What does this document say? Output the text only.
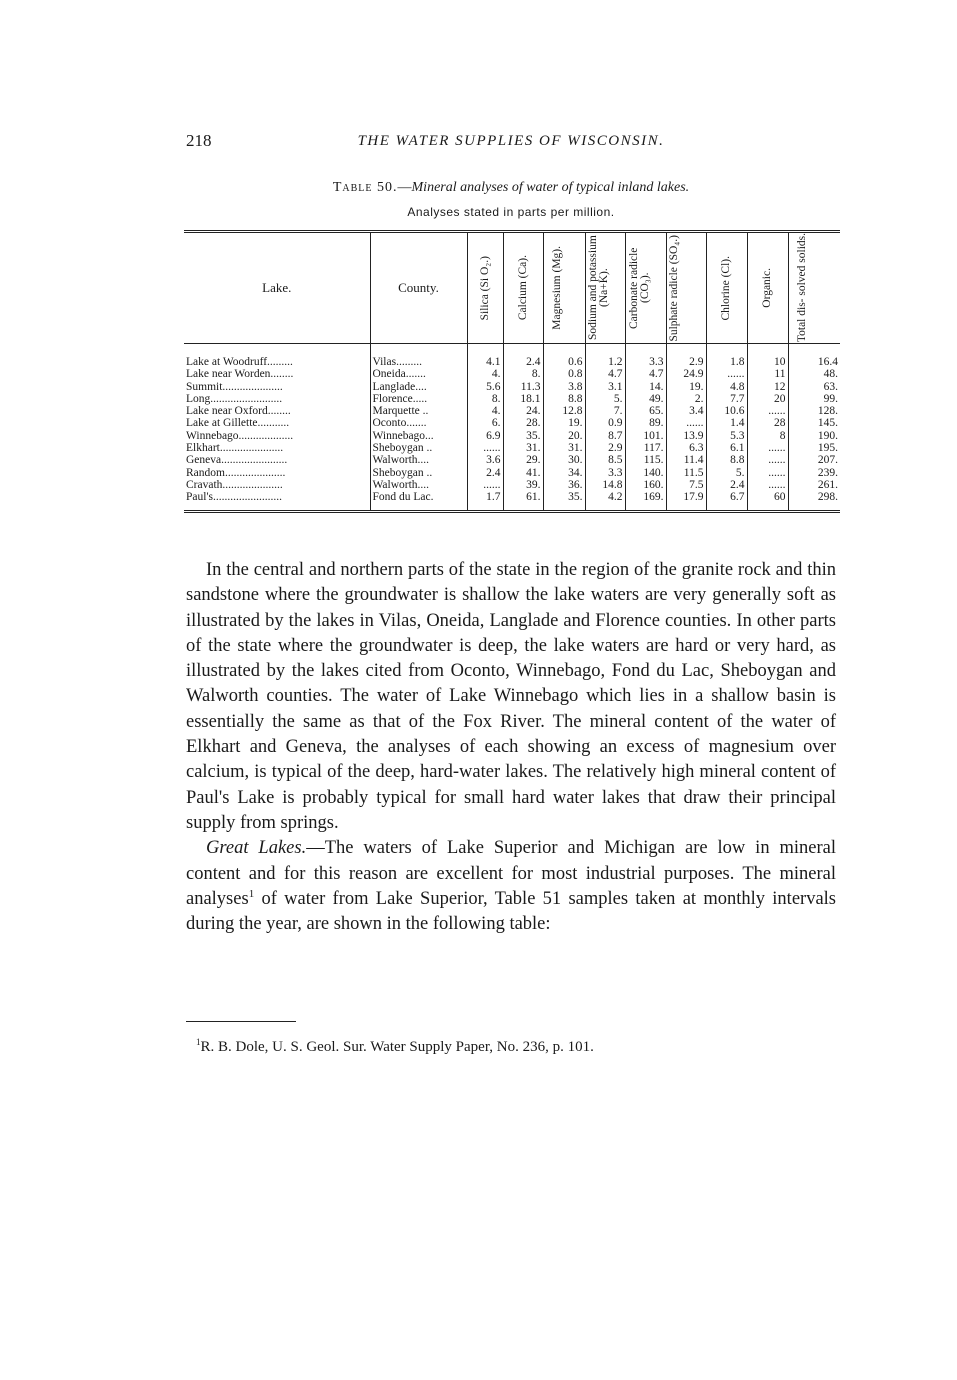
218	THE WATER SUPPLIES OF WISCONSIN.
Table 50.—Mineral analyses of water of typical inland lakes.
Analyses stated in parts per million.
Lake.	County.	Silica (Si O₂.)	Calcium (Ca).	Magnesium (Mg).	Sodium and potassium (Na+K).	Carbonate radicle (CO₃).	Sulphate radicle (SO₄.)	Chlorine (Cl).	Organic.	Total dis- solved solids.

Lake at Woodruff.........	Vilas.........	4.1	2.4	0.6	1.2	3.3	2.9	1.8	10	16.4
Lake near Worden........	Oneida.......	4.	8.	0.8	4.7	4.7	24.9	......	11	48.
Summit.....................	Langlade....	5.6	11.3	3.8	3.1	14.	19.	4.8	12	63.
Long.........................	Florence.....	8.	18.1	8.8	5.	49.	2.	7.7	20	99.
Lake near Oxford........	Marquette ..	4.	24.	12.8	7.	65.	3.4	10.6	......	128.
Lake at Gillette...........	Oconto.......	6.	28.	19.	0.9	89.	......	1.4	28	145.
Winnebago...................	Winnebago...	6.9	35.	20.	8.7	101.	13.9	5.3	8	190.
Elkhart......................	Sheboygan ..	......	31.	31.	2.9	117.	6.3	6.1	......	195.
Geneva.......................	Walworth....	3.6	29.	30.	8.5	115.	11.4	8.8	......	207.
Random.....................	Sheboygan ..	2.4	41.	34.	3.3	140.	11.5	5.	......	239.
Cravath.....................	Walworth....	......	39.	36.	14.8	160.	7.5	2.4	......	261.
Paul's........................	Fond du Lac.	1.7	61.	35.	4.2	169.	17.9	6.7	60	298.

In the central and northern parts of the state in the region of the granite rock and thin sandstone where the groundwater is shallow the lake waters are very generally soft as illustrated by the lakes in Vilas, Oneida, Langlade and Florence counties. In other parts of the state where the groundwater is deep, the lake waters are hard or very hard, as illustrated by the lakes cited from Oconto, Winnebago, Fond du Lac, Sheboygan and Walworth counties. The water of Lake Winnebago which lies in a shallow basin is essentially the same as that of the Fox River. The mineral content of the water of Elkhart and Geneva, the analyses of each showing an excess of magnesium over calcium, is typical of the deep, hard-water lakes. The relatively high mineral content of Paul's Lake is probably typical for small hard water lakes that draw their principal supply from springs.

Great Lakes.—The waters of Lake Superior and Michigan are low in mineral content and for this reason are excellent for most industrial purposes. The mineral analyses$^1$ of water from Lake Superior, Table 51 samples taken at monthly intervals during the year, are shown in the following table:

$^1$R. B. Dole, U. S. Geol. Sur. Water Supply Paper, No. 236, p. 101.
